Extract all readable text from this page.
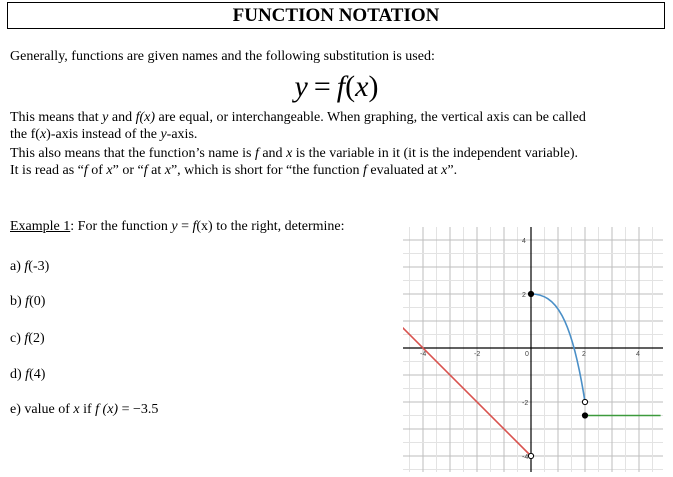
FUNCTION NOTATION
Generally, functions are given names and the following substitution is used:
y = f(x)
This means that y and f(x) are equal, or interchangeable. When graphing, the vertical axis can be called
the f(x)-axis instead of the y-axis.
This also means that the function’s name is f and x is the variable in it (it is the independent variable).
It is read as “f of x” or “f at x”, which is short for “the function f evaluated at x”.
Example 1: For the function y = f(x) to the right, determine:
a) f(-3)
b) f(0)
c) f(2)
d) f(4)
e) value of x if f (x) = −3.5
-4	-2	0	2	4
4
2
-2
-4
